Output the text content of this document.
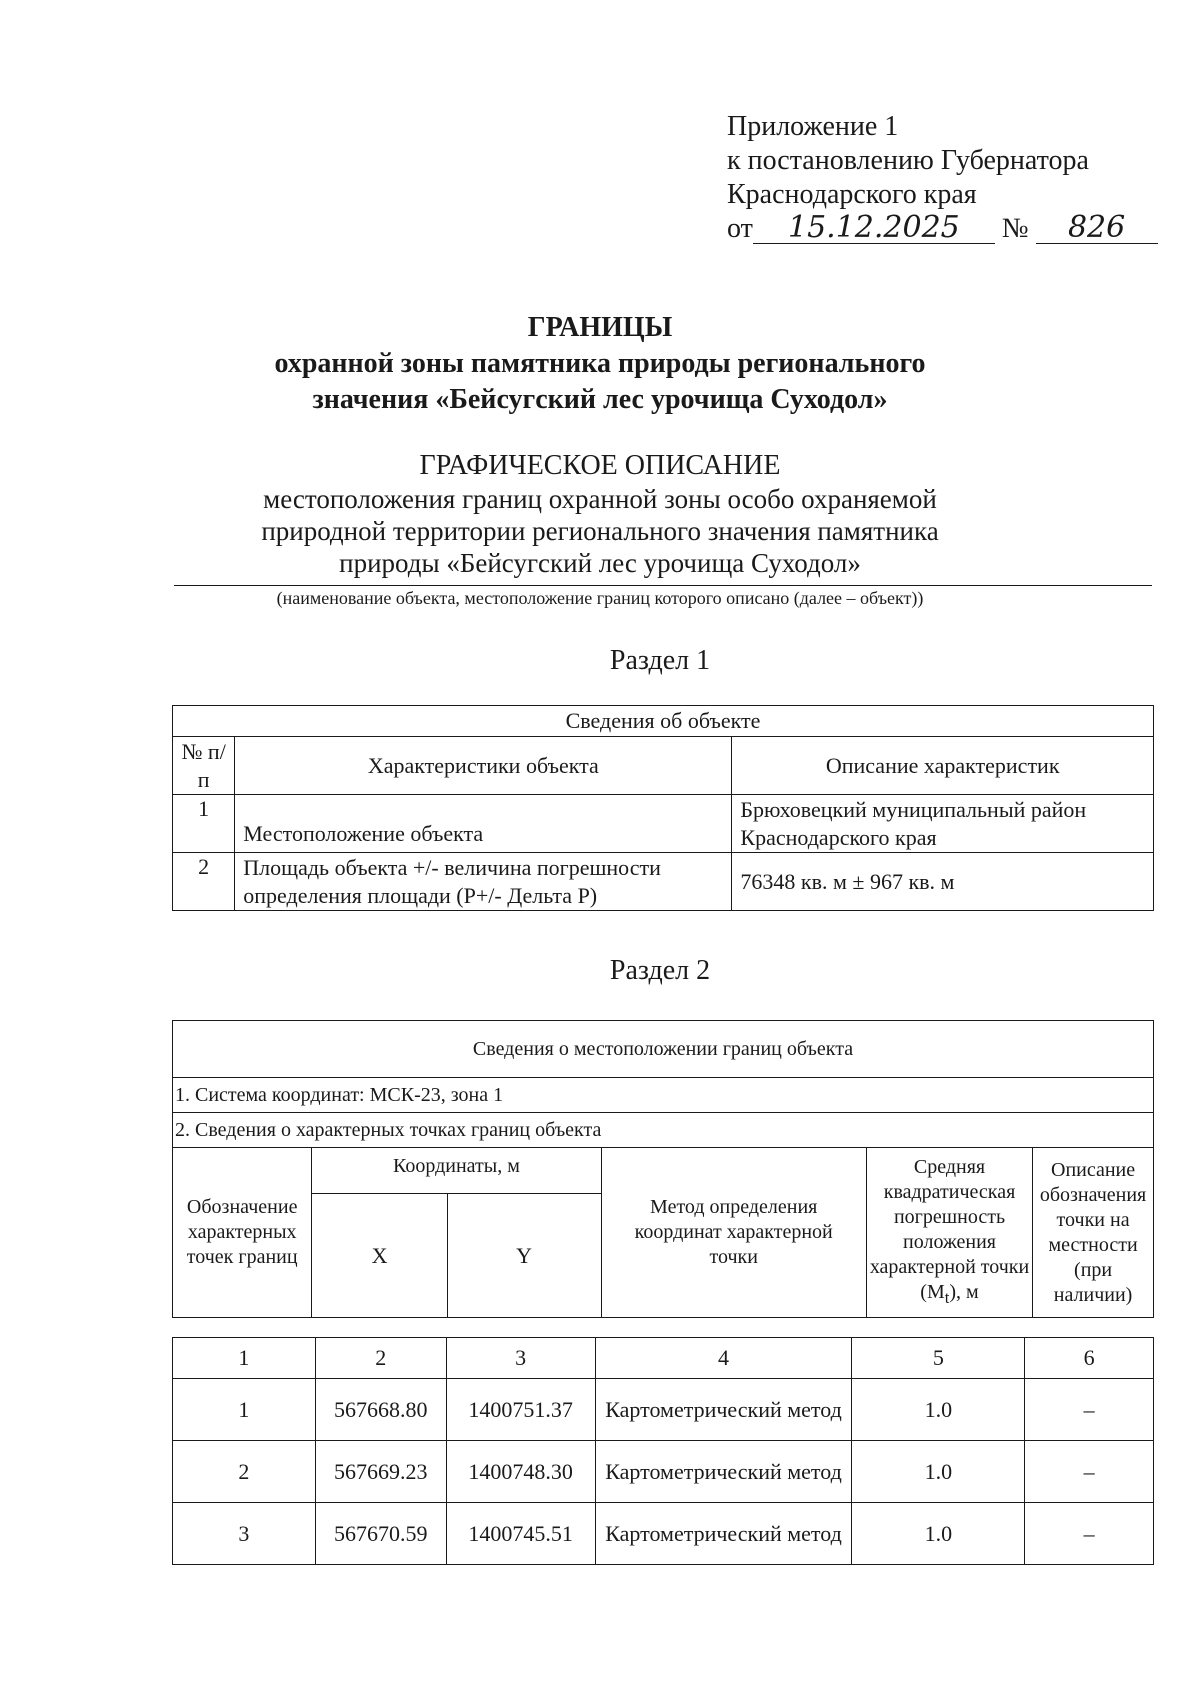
Приложение 1
к постановлению Губернатора
Краснодарского края
от 15.12.2025 № 826
ГРАНИЦЫ
охранной зоны памятника природы регионального
значения «Бейсугский лес урочища Суходол»
ГРАФИЧЕСКОЕ ОПИСАНИЕ
местоположения границ охранной зоны особо охраняемой
природной территории регионального значения памятника
природы «Бейсугский лес урочища Суходол»
(наименование объекта, местоположение границ которого описано (далее – объект))
Раздел 1
Сведения об объекте		
№ п/п	Характеристики объекта	Описание характеристик
1	Местоположение объекта	Брюховецкий муниципальный район Краснодарского края
2	Площадь объекта +/- величина погрешности определения площади (P+/- Дельта P)	76348 кв. м ± 967 кв. м
Раздел 2
Сведения о местоположении границ объекта					
1. Система координат: МСК-23, зона 1					
2. Сведения о характерных точках границ объекта					
Обозначение характерных точек границ	Координаты, м		Метод определения координат характерной точки	Средняя квадратическая погрешность положения характерной точки $(M_t)$, м	Описание обозначения точки на местности (при наличии)
	X	Y			
1	2	3	4	5	6
1	567668.80	1400751.37	Картометрический метод	1.0	–
2	567669.23	1400748.30	Картометрический метод	1.0	–
3	567670.59	1400745.51	Картометрический метод	1.0	–
